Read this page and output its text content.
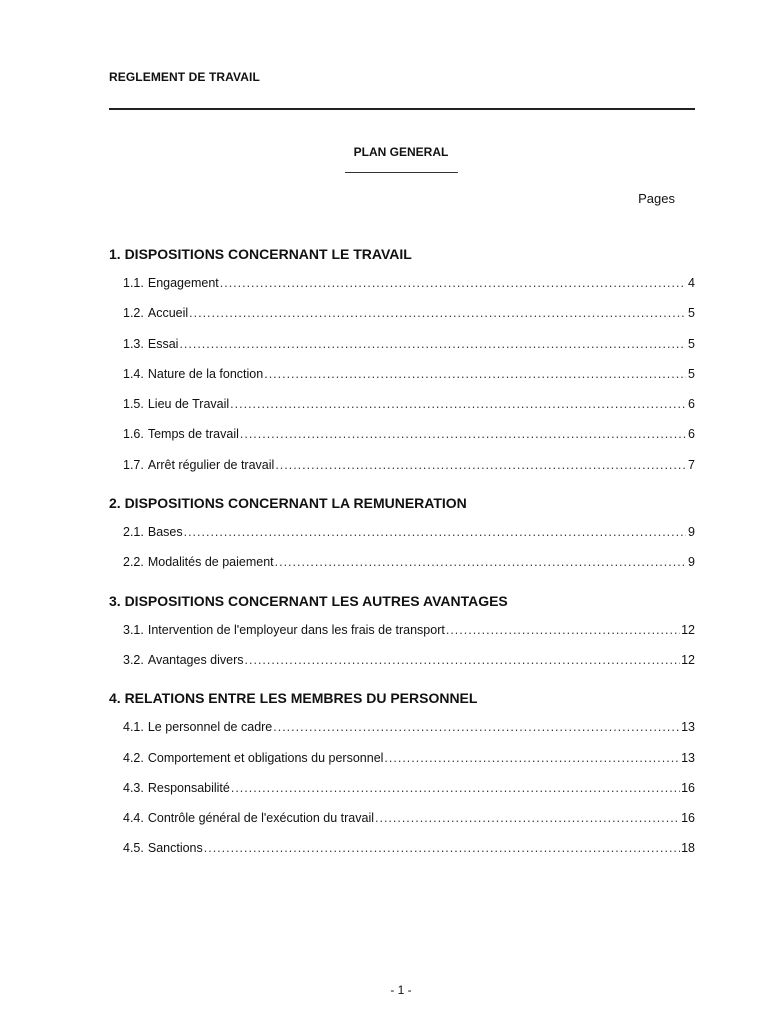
REGLEMENT DE TRAVAIL
PLAN GENERAL
Pages
1. DISPOSITIONS CONCERNANT LE TRAVAIL
1.1. Engagement .....	4
1.2. Accueil .....	5
1.3. Essai .....	5
1.4. Nature de la fonction .....	5
1.5. Lieu de Travail .....	6
1.6. Temps de travail .....	6
1.7. Arrêt régulier de travail .....	7
2. DISPOSITIONS CONCERNANT LA REMUNERATION
2.1. Bases .....	9
2.2. Modalités de paiement .....	9
3. DISPOSITIONS CONCERNANT LES AUTRES AVANTAGES
3.1. Intervention de l'employeur dans les frais de transport .....	12
3.2. Avantages divers .....	12
4. RELATIONS ENTRE LES MEMBRES DU PERSONNEL
4.1. Le personnel de cadre .....	13
4.2. Comportement et obligations du personnel .....	13
4.3. Responsabilité .....	16
4.4. Contrôle général de l'exécution du travail .....	16
4.5. Sanctions .....	18
- 1 -
